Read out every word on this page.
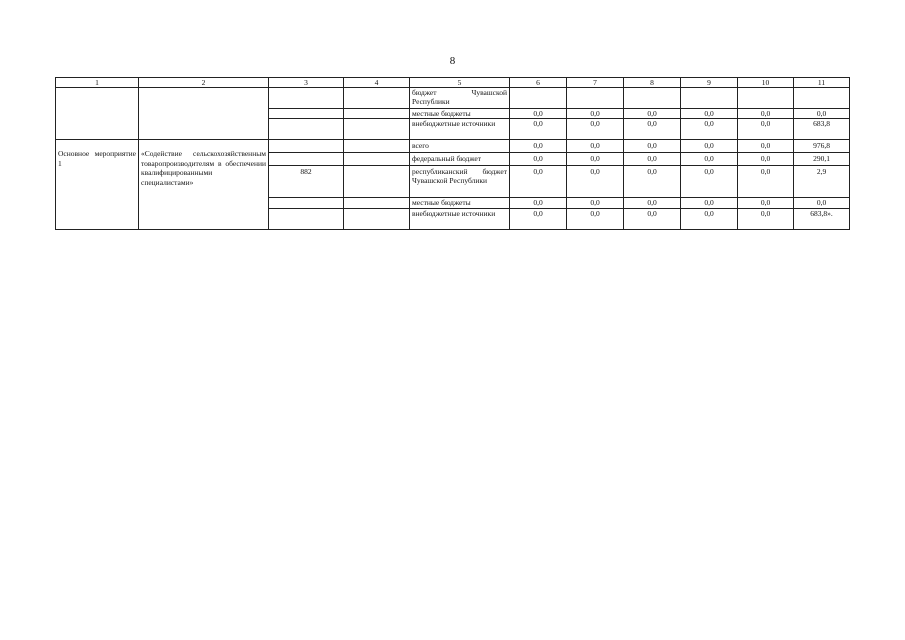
8
1	2	3	4	5	6	7	8	9	10	11
				бюджет Чувашской Республики						
				местные бюджеты	0,0	0,0	0,0	0,0	0,0	0,0
				внебюджетные источники	0,0	0,0	0,0	0,0	0,0	683,8
Основное мероприятие 1	«Содействие сельскохозяйственным товаропроизводителям в обеспечении квалифицированными специалистами»			всего	0,0	0,0	0,0	0,0	0,0	976,8
				федеральный бюджет	0,0	0,0	0,0	0,0	0,0	290,1
		882		республиканский бюджет Чувашской Республики	0,0	0,0	0,0	0,0	0,0	2,9
				местные бюджеты	0,0	0,0	0,0	0,0	0,0	0,0
				внебюджетные источники	0,0	0,0	0,0	0,0	0,0	683,8».
